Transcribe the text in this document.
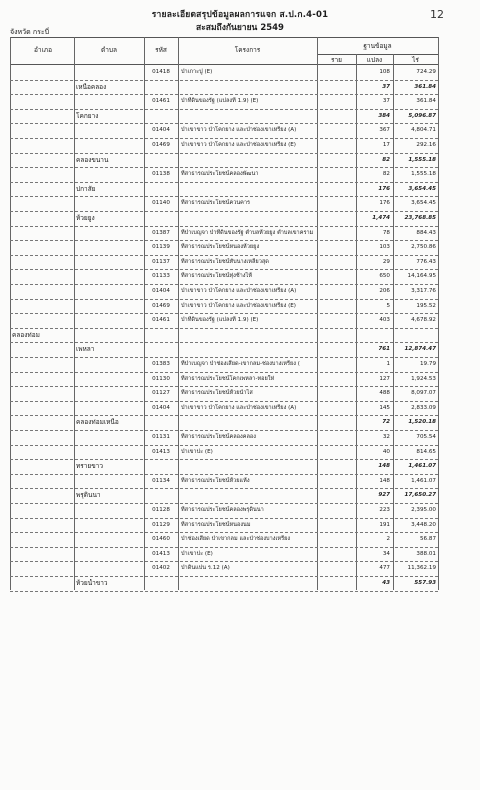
12
รายละเอียดสรุปข้อมูลผลการแจก ส.ป.ก.4-01
สะสมถึงกันยายน 2549
จังหวัด กระบี่
อำเภอ	ตำบล	รหัส	โครงการ	ฐานข้อมูล
ราย	แปลง	ไร่
01418	ป่าเกาะปู (E)	108	724.29
เหนือคลอง	37	361.84
01461	ป่าที่ดินของรัฐ (แปลงที่ 1.9) (E)	37	361.84
โคกยาง	384	5,096.87
01404	ป่าเขาขาว ป่าโคกยาง และป่าช่องเขาเหรียง (A)	367	4,804.71
01469	ป่าเขาขาว ป่าโคกยาง และป่าช่องเขาเหรียง (E)	17	292.16
คลองขนาน	82	1,555.18
01138	ที่สาธารณประโยชน์คลองพัฒนา	82	1,555.18
ปกาสัย	176	3,654.45
01140	ที่สาธารณประโยชน์ควนคาร	176	3,654.45
ห้วยยูง	1,474	23,768.85
01387	ที่ป่าเบญจา ป่าที่ดินของรัฐ ตำบลห้วยยูง ตำบลเขาคราม	78	884.43
01139	ที่สาธารณประโยชน์หนองห้วยยูง	103	2,750.86
01137	ที่สาธารณประโยชน์ทับนางเหลียวสุด	29	776.43
01133	ที่สาธารณประโยชน์ทุ่งช้างไห้	650	14,164.95
01404	ป่าเขาขาว ป่าโคกยาง และป่าช่องเขาเหรียง (A)	206	3,317.76
01469	ป่าเขาขาว ป่าโคกยาง และป่าช่องเขาเหรียง (E)	5	195.52
01461	ป่าที่ดินของรัฐ (แปลงที่ 1.9) (E)	403	4,678.92
คลองท่อม
เพหลา	761	12,874.47
01383	ที่ป่าเบญจา ป่าช่องเสียด-เขากลม-ช่องบางเหรียง (	1	19.79
01130	ที่สาธารณประโยชน์โคกเพหลา-ทอยให่	127	1,924.53
01127	ที่สาธารณประโยชน์ห้วยนำไส	488	8,097.07
01404	ป่าเขาขาว ป่าโคกยาง และป่าช่องเขาเหรียง (A)	145	2,833.09
คลองท่อมเหนือ	72	1,520.18
01131	ที่สาธารณประโยชน์คลองคลอง	32	705.54
01413	ป่าเขาปะ (E)	40	814.65
ทรายขาว	148	1,461.07
01134	ที่สาธารณประโยชน์ห้วยแห้ง	148	1,461.07
พรุดินนา	927	17,650.27
01128	ที่สาธารณประโยชน์คลองพรุดินนา	223	2,395.00
01129	ที่สาธารณประโยชน์หนองนม	191	3,448.20
01460	ป่าช่องเสียด ป่าเขากลม และป่าช่องบางเหรียง	2	56.87
01413	ป่าเขาปะ (E)	34	388.01
01402	ป่าดินแปน ร.12 (A)	477	11,362.19
ห้วยน้ำขาว	43	557.93
